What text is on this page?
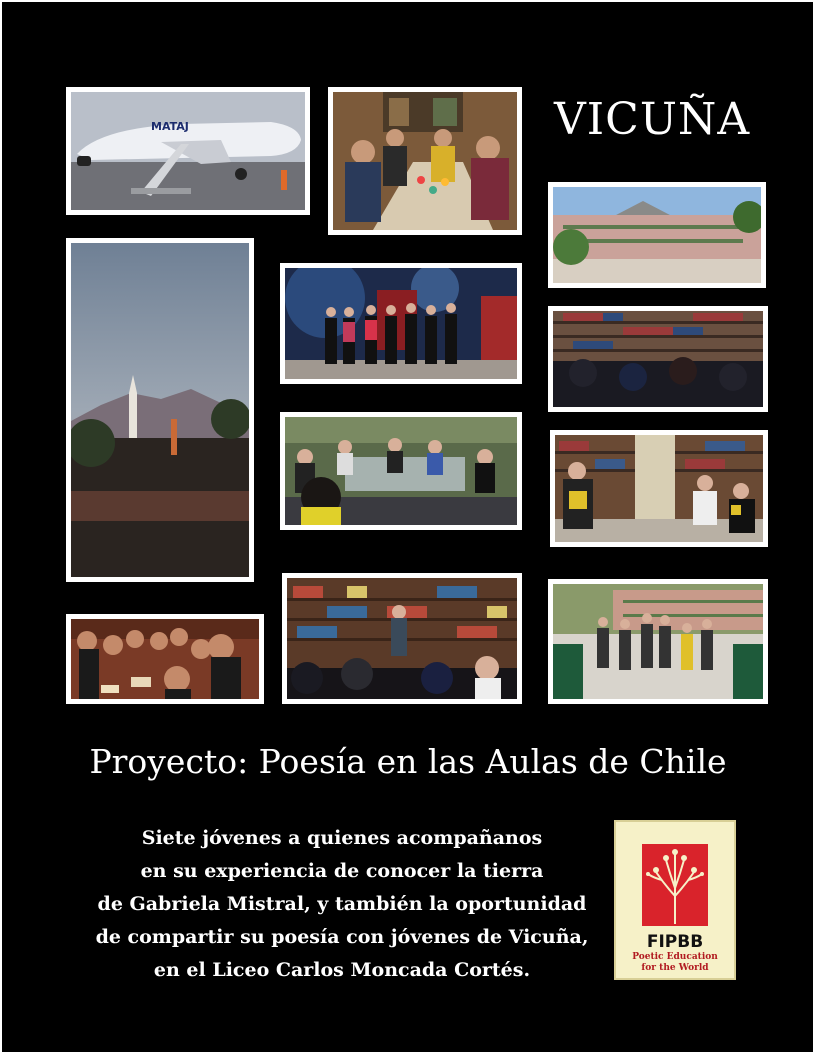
MATAJ	VICUÑA
Proyecto: Poesía en las Aulas de Chile
Siete jóvenes a quienes acompañanos
en su experiencia de conocer la tierra
de Gabriela Mistral, y también la oportunidad
de compartir su poesía con jóvenes de Vicuña,
en el Liceo Carlos Moncada Cortés.
FIPBB
Poetic Education
for the World
